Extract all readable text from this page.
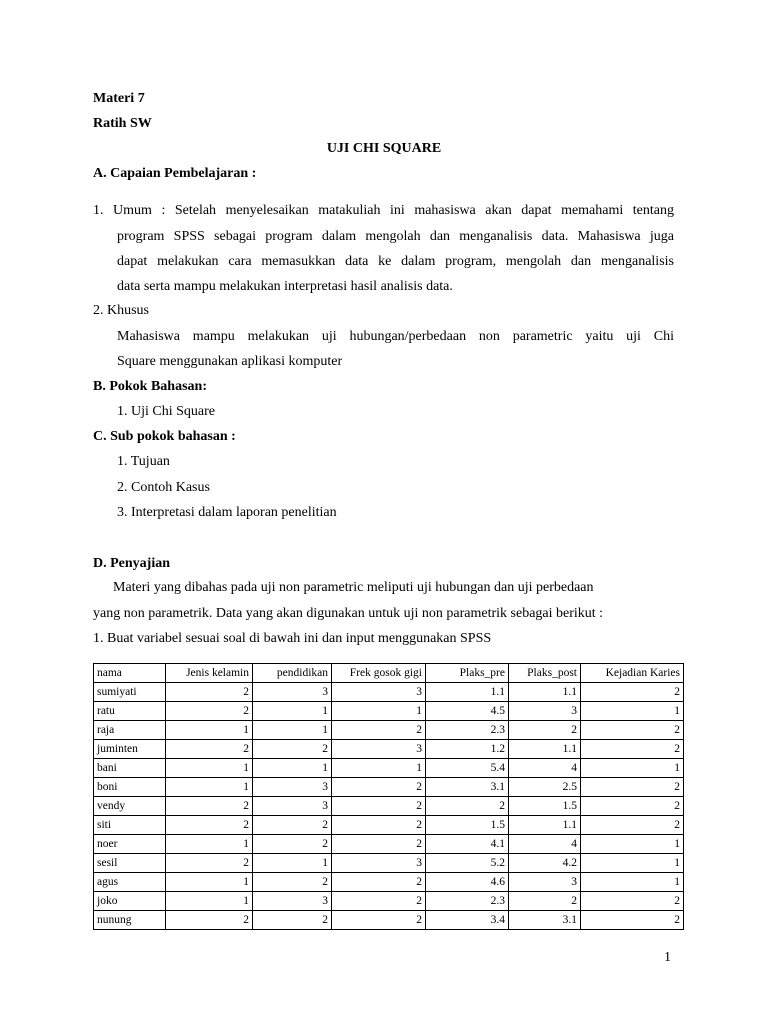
Materi 7
Ratih SW
UJI CHI SQUARE
A. Capaian Pembelajaran :
1. Umum : Setelah menyelesaikan matakuliah ini mahasiswa akan dapat memahami tentang
program SPSS sebagai program dalam mengolah dan menganalisis data. Mahasiswa juga
dapat melakukan cara memasukkan data ke dalam program, mengolah dan menganalisis
data serta mampu melakukan interpretasi hasil analisis data.
2. Khusus
Mahasiswa mampu melakukan uji hubungan/perbedaan non parametric yaitu uji Chi
Square menggunakan aplikasi komputer
B. Pokok Bahasan:
1. Uji Chi Square
C. Sub pokok bahasan :
1. Tujuan
2. Contoh Kasus
3. Interpretasi dalam laporan penelitian
D. Penyajian
Materi yang dibahas pada uji non parametric meliputi uji hubungan dan uji perbedaan
yang non parametrik. Data yang akan digunakan untuk uji non parametrik sebagai berikut :
1. Buat variabel sesuai soal di bawah ini dan input menggunakan SPSS
nama	Jenis kelamin	pendidikan	Frek gosok gigi	Plaks_pre	Plaks_post	Kejadian Karies
sumiyati	2	3	3	1.1	1.1	2
ratu	2	1	1	4.5	3	1
raja	1	1	2	2.3	2	2
juminten	2	2	3	1.2	1.1	2
bani	1	1	1	5.4	4	1
boni	1	3	2	3.1	2.5	2
vendy	2	3	2	2	1.5	2
siti	2	2	2	1.5	1.1	2
noer	1	2	2	4.1	4	1
sesil	2	1	3	5.2	4.2	1
agus	1	2	2	4.6	3	1
joko	1	3	2	2.3	2	2
nunung	2	2	2	3.4	3.1	2
1
